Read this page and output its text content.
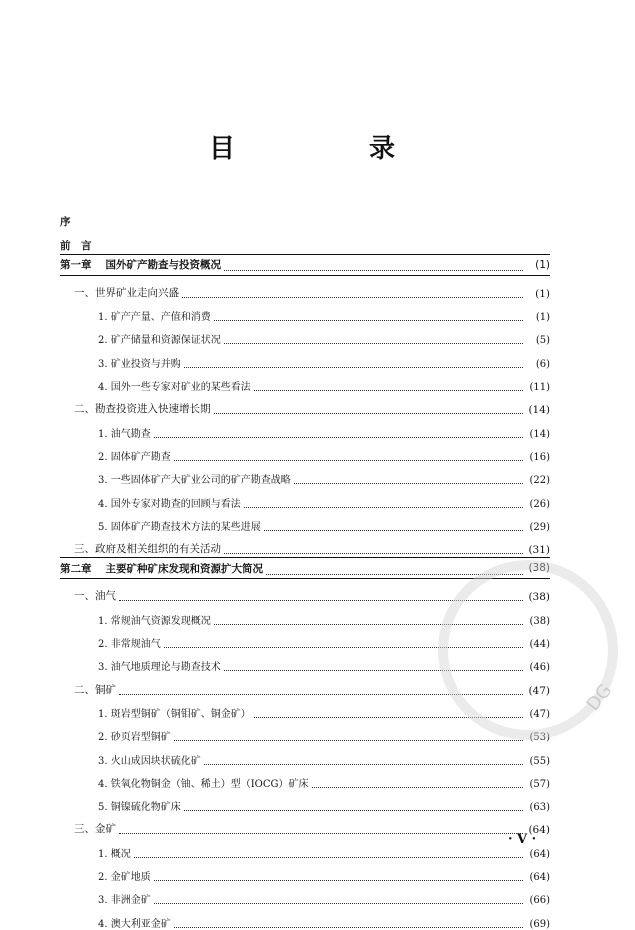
目　录
序
前　言
第一章 国外矿产勘查与投资概况	(1)
一、世界矿业走向兴盛	(1)
1. 矿产产量、产值和消费	(1)
2. 矿产储量和资源保证状况	(5)
3. 矿业投资与并购	(6)
4. 国外一些专家对矿业的某些看法	(11)
二、勘查投资进入快速增长期	(14)
1. 油气勘查	(14)
2. 固体矿产勘查	(16)
3. 一些固体矿产大矿业公司的矿产勘查战略	(22)
4. 国外专家对勘查的回顾与看法	(26)
5. 固体矿产勘查技术方法的某些进展	(29)
三、政府及相关组织的有关活动	(31)
第二章 主要矿种矿床发现和资源扩大简况	(38)
一、油气	(38)
1. 常规油气资源发现概况	(38)
2. 非常规油气	(44)
3. 油气地质理论与勘查技术	(46)
二、铜矿	(47)
1. 斑岩型铜矿（铜钼矿、铜金矿）	(47)
2. 砂页岩型铜矿	(53)
3. 火山成因块状硫化矿	(55)
4. 铁氧化物铜金（铀、稀土）型（IOCG）矿床	(57)
5. 铜镍硫化物矿床	(63)
三、金矿	(64)
1. 概况	(64)
2. 金矿地质	(64)
3. 非洲金矿	(66)
4. 澳大利亚金矿	(69)
DG
· V ·
